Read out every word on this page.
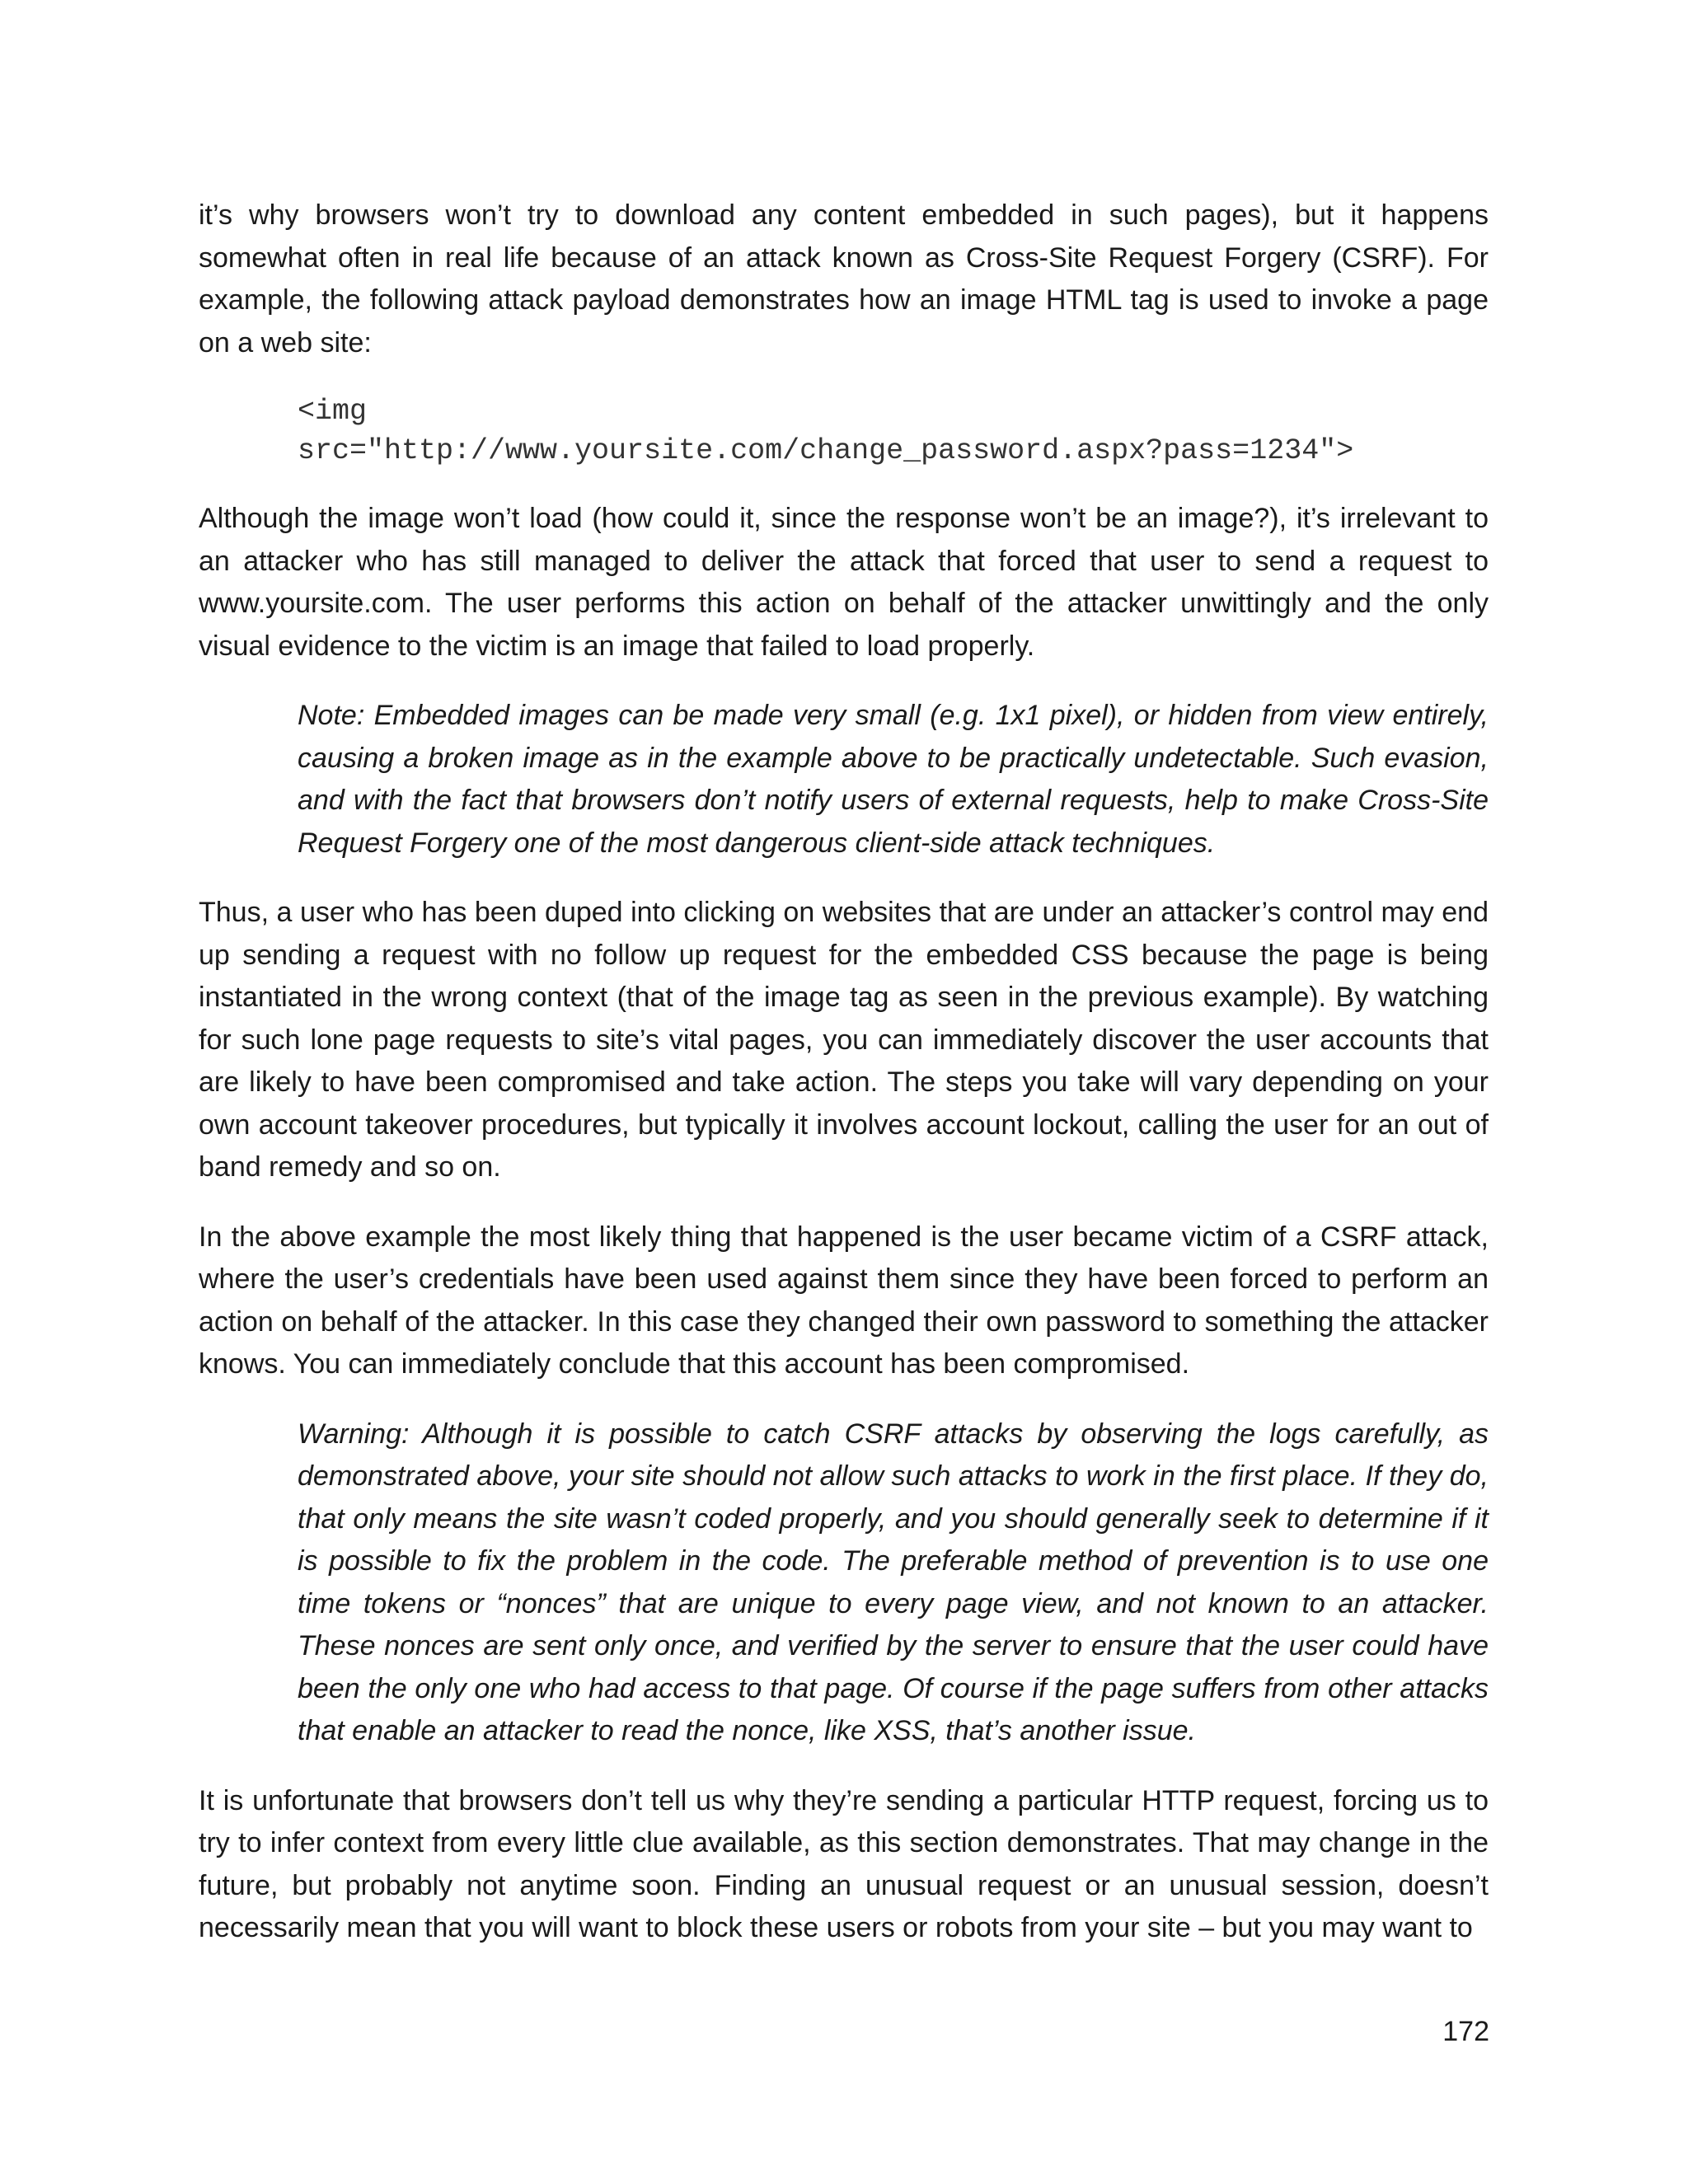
it’s why browsers won’t try to download any content embedded in such pages), but it happens somewhat often in real life because of an attack known as Cross-Site Request Forgery (CSRF). For example, the following attack payload demonstrates how an image HTML tag is used to invoke a page on a web site:

<img
src="http://www.yoursite.com/change_password.aspx?pass=1234">

Although the image won’t load (how could it, since the response won’t be an image?), it’s irrelevant to an attacker who has still managed to deliver the attack that forced that user to send a request to www.yoursite.com. The user performs this action on behalf of the attacker unwittingly and the only visual evidence to the victim is an image that failed to load properly.

Note: Embedded images can be made very small (e.g. 1x1 pixel), or hidden from view entirely, causing a broken image as in the example above to be practically undetectable. Such evasion, and with the fact that browsers don’t notify users of external requests, help to make Cross-Site Request Forgery one of the most dangerous client-side attack techniques.

Thus, a user who has been duped into clicking on websites that are under an attacker’s control may end up sending a request with no follow up request for the embedded CSS because the page is being instantiated in the wrong context (that of the image tag as seen in the previous example). By watching for such lone page requests to site’s vital pages, you can immediately discover the user accounts that are likely to have been compromised and take action. The steps you take will vary depending on your own account takeover procedures, but typically it involves account lockout, calling the user for an out of band remedy and so on.

In the above example the most likely thing that happened is the user became victim of a CSRF attack, where the user’s credentials have been used against them since they have been forced to perform an action on behalf of the attacker. In this case they changed their own password to something the attacker knows. You can immediately conclude that this account has been compromised.

Warning: Although it is possible to catch CSRF attacks by observing the logs carefully, as demonstrated above, your site should not allow such attacks to work in the first place. If they do, that only means the site wasn’t coded properly, and you should generally seek to determine if it is possible to fix the problem in the code. The preferable method of prevention is to use one time tokens or “nonces” that are unique to every page view, and not known to an attacker. These nonces are sent only once, and verified by the server to ensure that the user could have been the only one who had access to that page. Of course if the page suffers from other attacks that enable an attacker to read the nonce, like XSS, that’s another issue.

It is unfortunate that browsers don’t tell us why they’re sending a particular HTTP request, forcing us to try to infer context from every little clue available, as this section demonstrates. That may change in the future, but probably not anytime soon. Finding an unusual request or an unusual session, doesn’t necessarily mean that you will want to block these users or robots from your site – but you may want to

172
